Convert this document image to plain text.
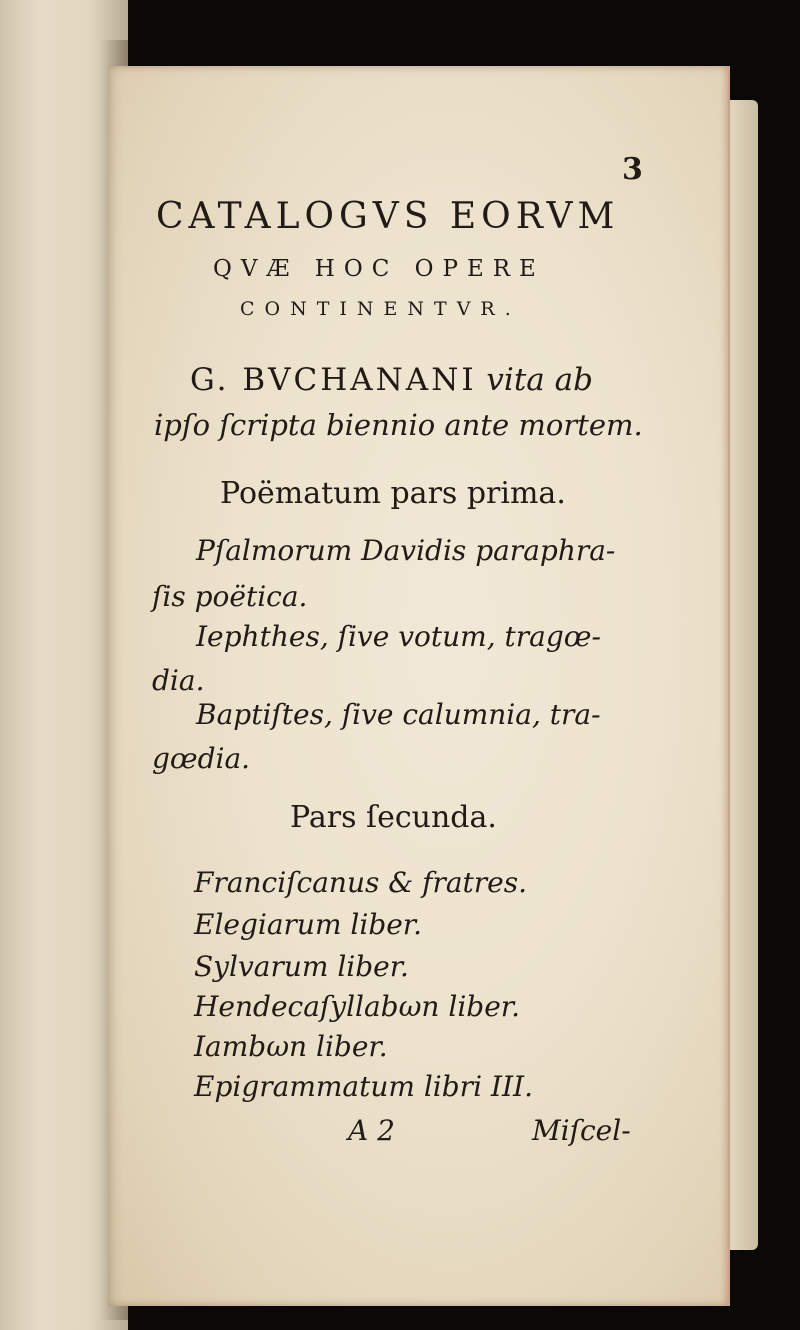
3
CATALOGVS EORVM
QVÆ HOC OPERE
CONTINENTVR.
G. BVCHANANI vita ab
ipſo ſcripta biennio ante mortem.
Poëmatum pars prima.
Pſalmorum Davidis paraphra-
ſis poëtica.
Iephthes, ſive votum, tragœ-
dia.
Baptiſtes, ſive calumnia, tra-
gœdia.
Pars ſecunda.
Franciſcanus & fratres.
Elegiarum liber.
Sylvarum liber.
Hendecaſyllabωn liber.
Iambωn liber.
Epigrammatum libri III.
A 2	Miſcel-
